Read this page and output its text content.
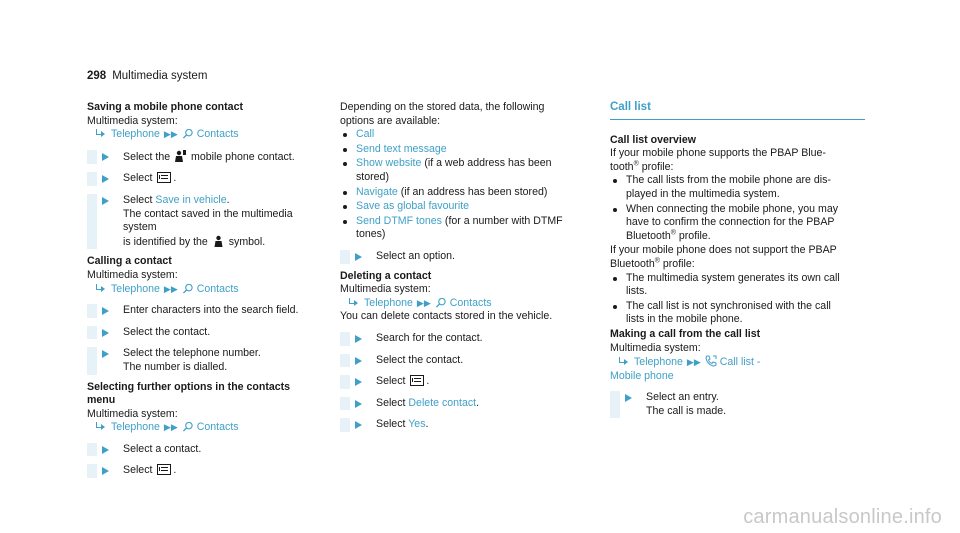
298 Multimedia system

Saving a mobile phone contact

Multimedia system:

Telephone ▶▶ Contacts

Select the mobile phone contact.
Select .
Select Save in vehicle.
The contact saved in the multimedia system
is identified by the symbol.

Calling a contact

Multimedia system:

Telephone ▶▶ Contacts

Enter characters into the search field.
Select the contact.
Select the telephone number.
The number is dialled.

Selecting further options in the contacts
menu

Multimedia system:

Telephone ▶▶ Contacts

Select a contact.
Select .

Depending on the stored data, the following
options are available:

Call
Send text message
Show website (if a web address has been
stored)
Navigate (if an address has been stored)
Save as global favourite
Send DTMF tones (for a number with DTMF
tones)
Select an option.

Deleting a contact

Multimedia system:

Telephone ▶▶ Contacts

You can delete contacts stored in the vehicle.

Search for the contact.
Select the contact.
Select .
Select Delete contact.
Select Yes.
Call list

Call list overview

If your mobile phone supports the PBAP Blue-
tooth® profile:

The call lists from the mobile phone are dis-
played in the multimedia system.
When connecting the mobile phone, you may
have to confirm the connection for the PBAP
Bluetooth® profile.

If your mobile phone does not support the PBAP
Bluetooth® profile:

The multimedia system generates its own call
lists.
The call list is not synchronised with the call
lists in the mobile phone.

Making a call from the call list

Multimedia system:

Telephone ▶▶ Call list -

Mobile phone

Select an entry.
The call is made.
carmanualsonline.info
